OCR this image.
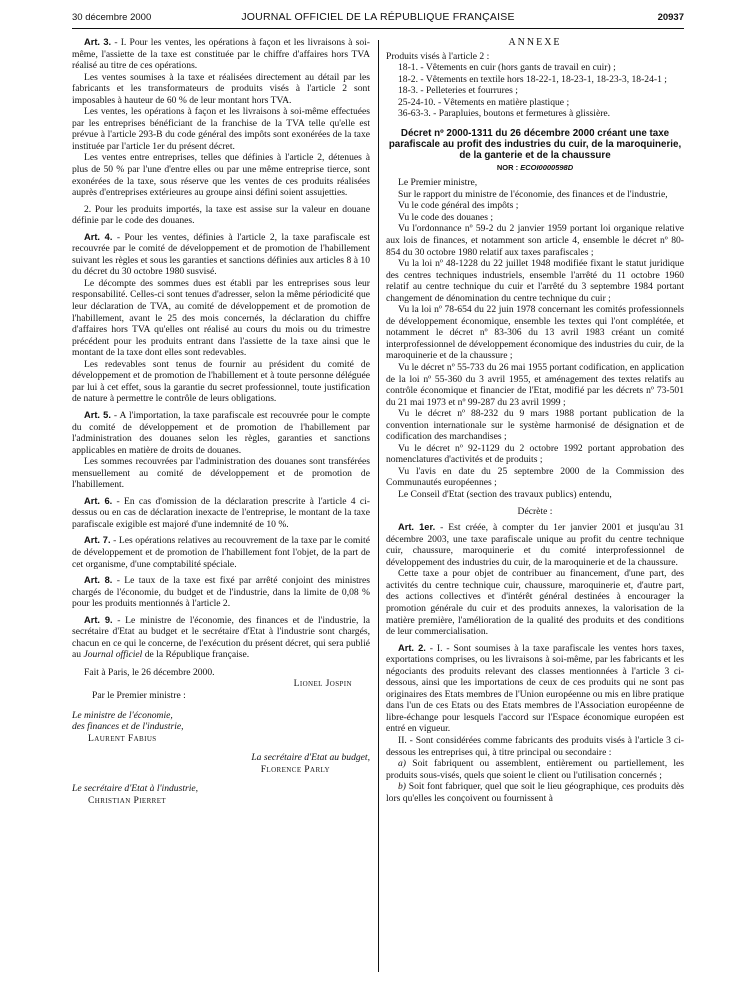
30 décembre 2000	JOURNAL OFFICIEL DE LA RÉPUBLIQUE FRANÇAISE	20937

Art. 3. - I. Pour les ventes, les opérations à façon et les livraisons à soi-même, l'assiette de la taxe est constituée par le chiffre d'affaires hors TVA réalisé au titre de ces opérations.

Les ventes soumises à la taxe et réalisées directement au détail par les fabricants et les transformateurs de produits visés à l'article 2 sont imposables à hauteur de 60 % de leur montant hors TVA.

Les ventes, les opérations à façon et les livraisons à soi-même effectuées par les entreprises bénéficiant de la franchise de la TVA telle qu'elle est prévue à l'article 293-B du code général des impôts sont exonérées de la taxe instituée par l'article 1er du présent décret.

Les ventes entre entreprises, telles que définies à l'article 2, détenues à plus de 50 % par l'une d'entre elles ou par une même entreprise tierce, sont exonérées de la taxe, sous réserve que les ventes de ces produits réalisées auprès d'entreprises extérieures au groupe ainsi défini soient assujetties.

2. Pour les produits importés, la taxe est assise sur la valeur en douane définie par le code des douanes.

Art. 4. - Pour les ventes, définies à l'article 2, la taxe parafiscale est recouvrée par le comité de développement et de promotion de l'habillement suivant les règles et sous les garanties et sanctions définies aux articles 8 à 10 du décret du 30 octobre 1980 susvisé.

Le décompte des sommes dues est établi par les entreprises sous leur responsabilité. Celles-ci sont tenues d'adresser, selon la même périodicité que leur déclaration de TVA, au comité de développement et de promotion de l'habillement, avant le 25 des mois concernés, la déclaration du chiffre d'affaires hors TVA qu'elles ont réalisé au cours du mois ou du trimestre précédent pour les produits entrant dans l'assiette de la taxe ainsi que le montant de la taxe dont elles sont redevables.

Les redevables sont tenus de fournir au président du comité de développement et de promotion de l'habillement et à toute personne déléguée par lui à cet effet, sous la garantie du secret professionnel, toute justification de nature à permettre le contrôle de leurs obligations.

Art. 5. - A l'importation, la taxe parafiscale est recouvrée pour le compte du comité de développement et de promotion de l'habillement par l'administration des douanes selon les règles, garanties et sanctions applicables en matière de droits de douanes.

Les sommes recouvrées par l'administration des douanes sont transférées mensuellement au comité de développement et de promotion de l'habillement.

Art. 6. - En cas d'omission de la déclaration prescrite à l'article 4 ci-dessus ou en cas de déclaration inexacte de l'entreprise, le montant de la taxe parafiscale exigible est majoré d'une indemnité de 10 %.

Art. 7. - Les opérations relatives au recouvrement de la taxe par le comité de développement et de promotion de l'habillement font l'objet, de la part de cet organisme, d'une comptabilité spéciale.

Art. 8. - Le taux de la taxe est fixé par arrêté conjoint des ministres chargés de l'économie, du budget et de l'industrie, dans la limite de 0,08 % pour les produits mentionnés à l'article 2.

Art. 9. - Le ministre de l'économie, des finances et de l'industrie, la secrétaire d'Etat au budget et le secrétaire d'Etat à l'industrie sont chargés, chacun en ce qui le concerne, de l'exécution du présent décret, qui sera publié au Journal officiel de la République française.

Fait à Paris, le 26 décembre 2000.

Lionel Jospin

Par le Premier ministre :

Le ministre de l'économie,

des finances et de l'industrie,

Laurent Fabius

La secrétaire d'Etat au budget,

Florence Parly

Le secrétaire d'Etat à l'industrie,

Christian Pierret

ANNEXE

Produits visés à l'article 2 :

18-1. - Vêtements en cuir (hors gants de travail en cuir) ;

18-2. - Vêtements en textile hors 18-22-1, 18-23-1, 18-23-3, 18-24-1 ;

18-3. - Pelleteries et fourrures ;

25-24-10. - Vêtements en matière plastique ;

36-63-3. - Parapluies, boutons et fermetures à glissière.

Décret nº 2000-1311 du 26 décembre 2000 créant une taxe parafiscale au profit des industries du cuir, de la maroquinerie, de la ganterie et de la chaussure
NOR : ECOI0000598D

Le Premier ministre,

Sur le rapport du ministre de l'économie, des finances et de l'industrie,

Vu le code général des impôts ;

Vu le code des douanes ;

Vu l'ordonnance nº 59-2 du 2 janvier 1959 portant loi organique relative aux lois de finances, et notamment son article 4, ensemble le décret nº 80-854 du 30 octobre 1980 relatif aux taxes parafiscales ;

Vu la loi nº 48-1228 du 22 juillet 1948 modifiée fixant le statut juridique des centres techniques industriels, ensemble l'arrêté du 11 octobre 1960 relatif au centre technique du cuir et l'arrêté du 3 septembre 1984 portant changement de dénomination du centre technique du cuir ;

Vu la loi nº 78-654 du 22 juin 1978 concernant les comités professionnels de développement économique, ensemble les textes qui l'ont complétée, et notamment le décret nº 83-306 du 13 avril 1983 créant un comité interprofessionnel de développement économique des industries du cuir, de la maroquinerie et de la chaussure ;

Vu le décret nº 55-733 du 26 mai 1955 portant codification, en application de la loi nº 55-360 du 3 avril 1955, et aménagement des textes relatifs au contrôle économique et financier de l'Etat, modifié par les décrets nº 73-501 du 21 mai 1973 et nº 99-287 du 23 avril 1999 ;

Vu le décret nº 88-232 du 9 mars 1988 portant publication de la convention internationale sur le système harmonisé de désignation et de codification des marchandises ;

Vu le décret nº 92-1129 du 2 octobre 1992 portant approbation des nomenclatures d'activités et de produits ;

Vu l'avis en date du 25 septembre 2000 de la Commission des Communautés européennes ;

Le Conseil d'Etat (section des travaux publics) entendu,

Décrète :

Art. 1er. - Est créée, à compter du 1er janvier 2001 et jusqu'au 31 décembre 2003, une taxe parafiscale unique au profit du centre technique cuir, chaussure, maroquinerie et du comité interprofessionnel de développement des industries du cuir, de la maroquinerie et de la chaussure.

Cette taxe a pour objet de contribuer au financement, d'une part, des activités du centre technique cuir, chaussure, maroquinerie et, d'autre part, des actions collectives et d'intérêt général destinées à encourager la promotion générale du cuir et des produits annexes, la valorisation de la matière première, l'amélioration de la qualité des produits et des conditions de leur commercialisation.

Art. 2. - I. - Sont soumises à la taxe parafiscale les ventes hors taxes, exportations comprises, ou les livraisons à soi-même, par les fabricants et les négociants des produits relevant des classes mentionnées à l'article 3 ci-dessous, ainsi que les importations de ceux de ces produits qui ne sont pas originaires des Etats membres de l'Union européenne ou mis en libre pratique dans l'un de ces Etats ou des Etats membres de l'Association européenne de libre-échange pour lesquels l'accord sur l'Espace économique européen est entré en vigueur.

II. - Sont considérées comme fabricants des produits visés à l'article 3 ci-dessous les entreprises qui, à titre principal ou secondaire :

a) Soit fabriquent ou assemblent, entièrement ou partiellement, les produits sous-visés, quels que soient le client ou l'utilisation concernés ;

b) Soit font fabriquer, quel que soit le lieu géographique, ces produits dès lors qu'elles les conçoivent ou fournissent à
